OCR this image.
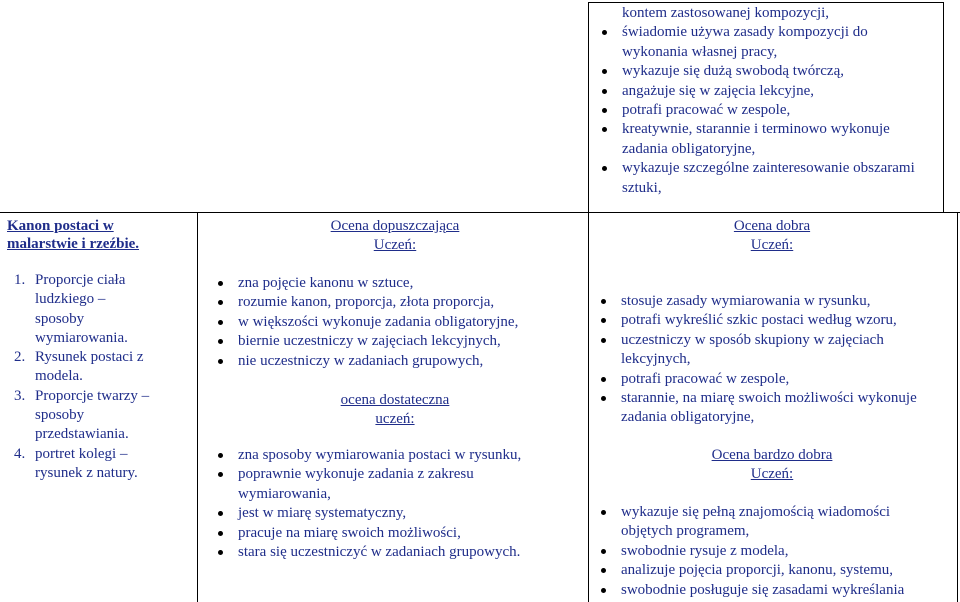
kontem zastosowanej kompozycji,
świadomie używa zasady kompozycji do
wykonania własnej pracy,
wykazuje się dużą swobodą twórczą,
angażuje się w zajęcia lekcyjne,
potrafi pracować w zespole,
kreatywnie, starannie i terminowo wykonuje
zadania obligatoryjne,
wykazuje szczególne zainteresowanie obszarami
sztuki,
Kanon postaci w
malarstwie i rzeźbie.
1. Proporcje ciała
ludzkiego –
sposoby
wymiarowania.
2. Rysunek postaci z
modela.
3. Proporcje twarzy –
sposoby
przedstawiania.
4. portret kolegi –
rysunek z natury.
Ocena dopuszczająca
Uczeń:
zna pojęcie kanonu w sztuce,
rozumie kanon, proporcja, złota proporcja,
w większości wykonuje zadania obligatoryjne,
biernie uczestniczy w zajęciach lekcyjnych,
nie uczestniczy w zadaniach grupowych,
ocena dostateczna
uczeń:
zna sposoby wymiarowania postaci w rysunku,
poprawnie wykonuje zadania z zakresu
wymiarowania,
jest w miarę systematyczny,
pracuje na miarę swoich możliwości,
stara się uczestniczyć w zadaniach grupowych.
Ocena dobra
Uczeń:
stosuje zasady wymiarowania w rysunku,
potrafi wykreślić szkic postaci według wzoru,
uczestniczy w sposób skupiony w zajęciach
lekcyjnych,
potrafi pracować w zespole,
starannie, na miarę swoich możliwości wykonuje
zadania obligatoryjne,
Ocena bardzo dobra
Uczeń:
wykazuje się pełną znajomością wiadomości
objętych programem,
swobodnie rysuje z modela,
analizuje pojęcia proporcji, kanonu, systemu,
swobodnie posługuje się zasadami wykreślania
